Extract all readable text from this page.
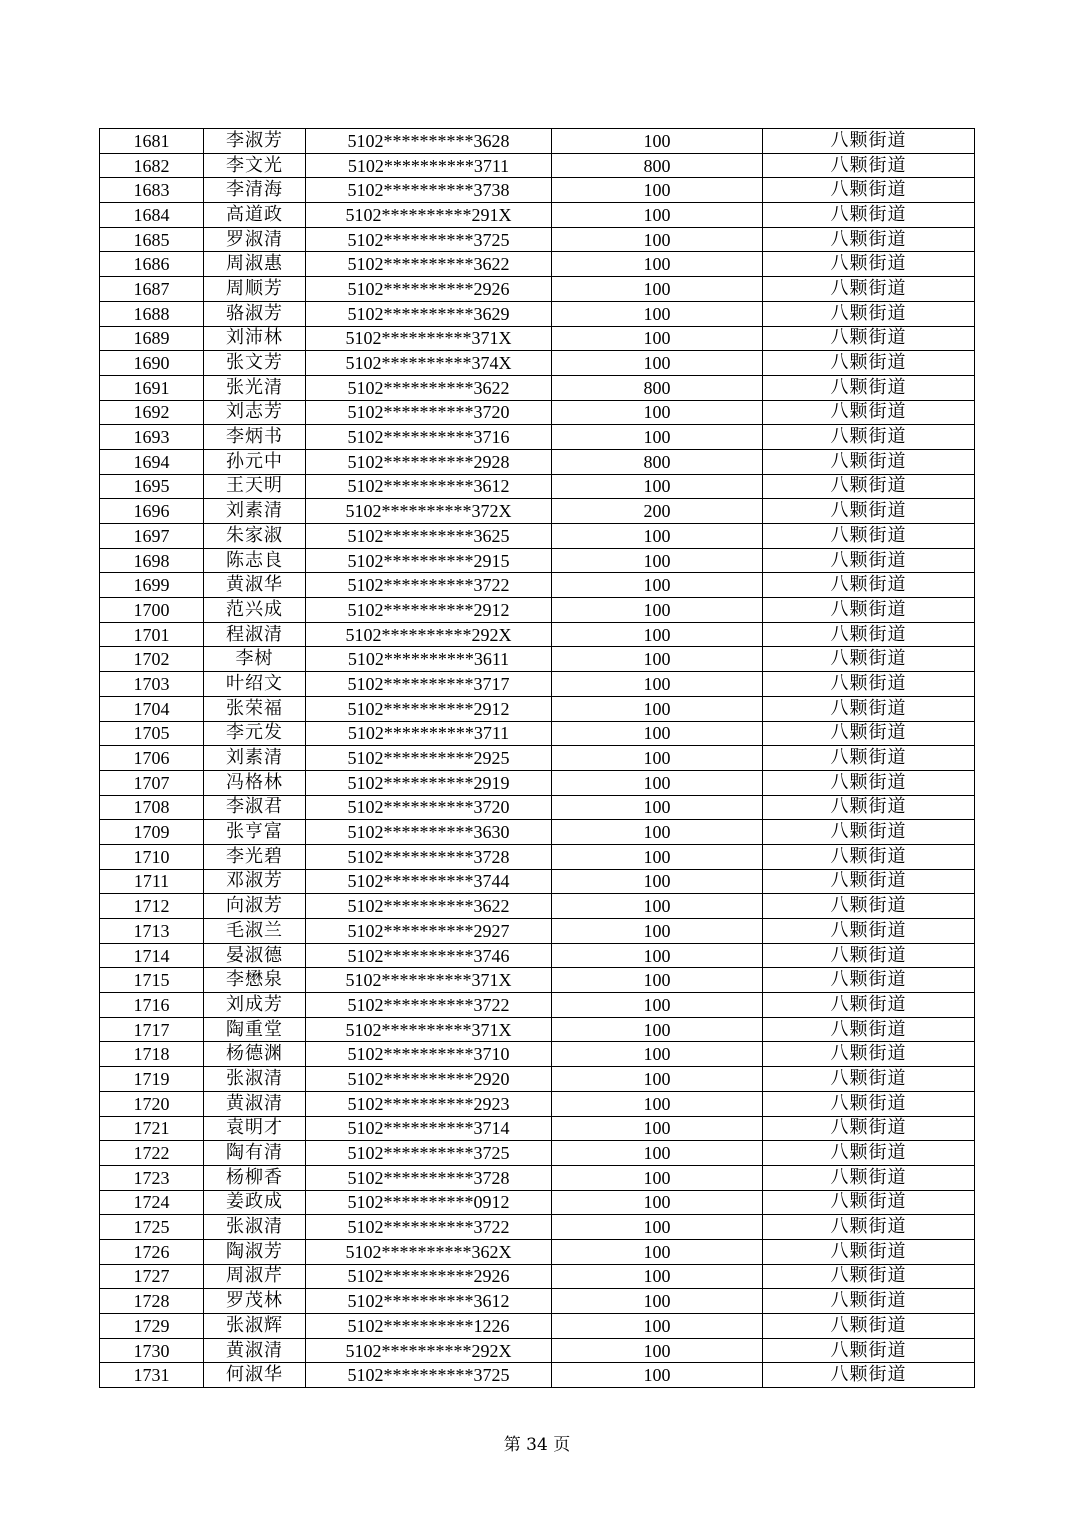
1681	李淑芳	5102**********3628	100	八颗街道
1682	李文光	5102**********3711	800	八颗街道
1683	李清海	5102**********3738	100	八颗街道
1684	高道政	5102**********291X	100	八颗街道
1685	罗淑清	5102**********3725	100	八颗街道
1686	周淑惠	5102**********3622	100	八颗街道
1687	周顺芳	5102**********2926	100	八颗街道
1688	骆淑芳	5102**********3629	100	八颗街道
1689	刘沛林	5102**********371X	100	八颗街道
1690	张文芳	5102**********374X	100	八颗街道
1691	张光清	5102**********3622	800	八颗街道
1692	刘志芳	5102**********3720	100	八颗街道
1693	李炳书	5102**********3716	100	八颗街道
1694	孙元中	5102**********2928	800	八颗街道
1695	王天明	5102**********3612	100	八颗街道
1696	刘素清	5102**********372X	200	八颗街道
1697	朱家淑	5102**********3625	100	八颗街道
1698	陈志良	5102**********2915	100	八颗街道
1699	黄淑华	5102**********3722	100	八颗街道
1700	范兴成	5102**********2912	100	八颗街道
1701	程淑清	5102**********292X	100	八颗街道
1702	李树	5102**********3611	100	八颗街道
1703	叶绍文	5102**********3717	100	八颗街道
1704	张荣福	5102**********2912	100	八颗街道
1705	李元发	5102**********3711	100	八颗街道
1706	刘素清	5102**********2925	100	八颗街道
1707	冯格林	5102**********2919	100	八颗街道
1708	李淑君	5102**********3720	100	八颗街道
1709	张亨富	5102**********3630	100	八颗街道
1710	李光碧	5102**********3728	100	八颗街道
1711	邓淑芳	5102**********3744	100	八颗街道
1712	向淑芳	5102**********3622	100	八颗街道
1713	毛淑兰	5102**********2927	100	八颗街道
1714	晏淑德	5102**********3746	100	八颗街道
1715	李懋泉	5102**********371X	100	八颗街道
1716	刘成芳	5102**********3722	100	八颗街道
1717	陶重堂	5102**********371X	100	八颗街道
1718	杨德渊	5102**********3710	100	八颗街道
1719	张淑清	5102**********2920	100	八颗街道
1720	黄淑清	5102**********2923	100	八颗街道
1721	袁明才	5102**********3714	100	八颗街道
1722	陶有清	5102**********3725	100	八颗街道
1723	杨柳香	5102**********3728	100	八颗街道
1724	姜政成	5102**********0912	100	八颗街道
1725	张淑清	5102**********3722	100	八颗街道
1726	陶淑芳	5102**********362X	100	八颗街道
1727	周淑芹	5102**********2926	100	八颗街道
1728	罗茂林	5102**********3612	100	八颗街道
1729	张淑辉	5102**********1226	100	八颗街道
1730	黄淑清	5102**********292X	100	八颗街道
1731	何淑华	5102**********3725	100	八颗街道
第 34 页
